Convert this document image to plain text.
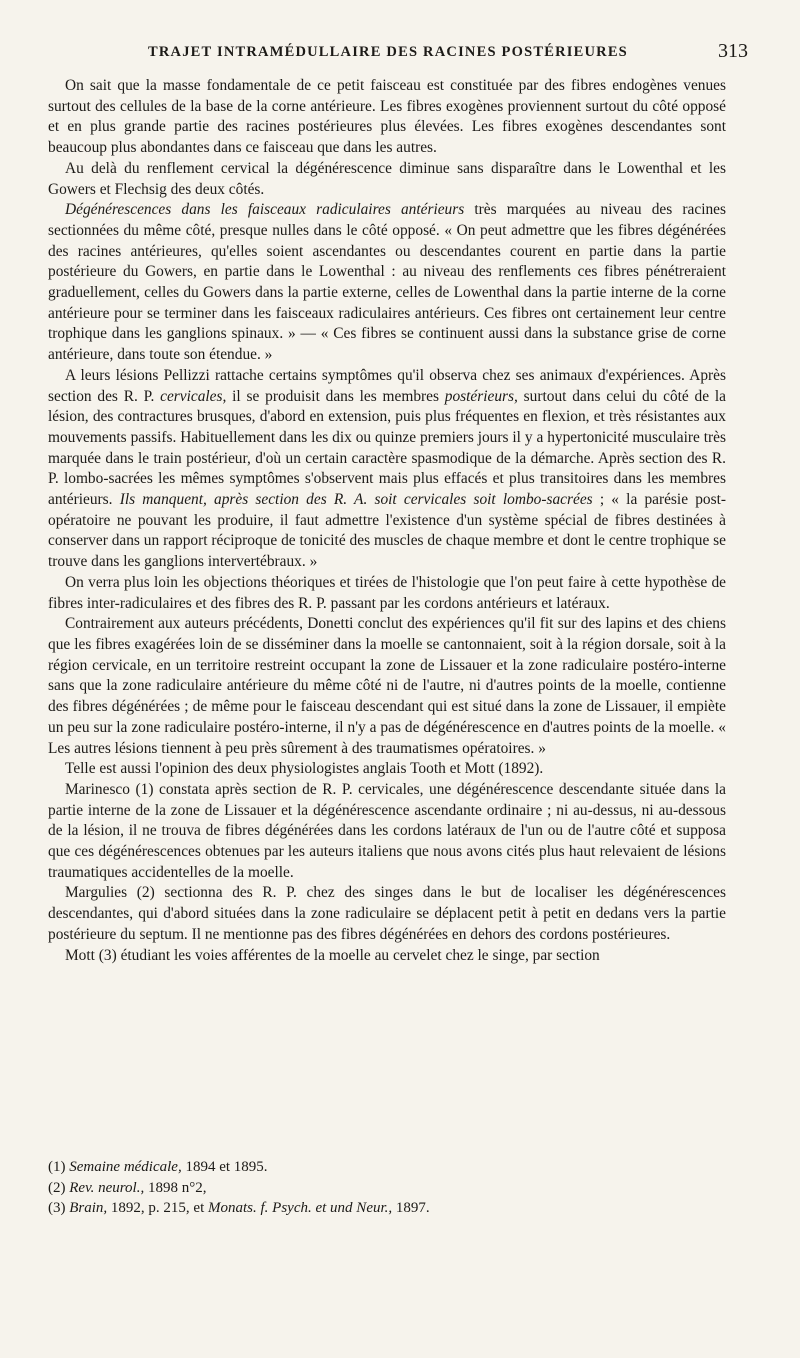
TRAJET INTRAMÉDULLAIRE DES RACINES POSTÉRIEURES	313

On sait que la masse fondamentale de ce petit faisceau est constituée par des fibres endogènes venues surtout des cellules de la base de la corne antérieure. Les fibres exogènes proviennent surtout du côté opposé et en plus grande partie des racines postérieures plus élevées. Les fibres exogènes descendantes sont beaucoup plus abondantes dans ce faisceau que dans les autres.

Au delà du renflement cervical la dégénérescence diminue sans disparaître dans le Lowenthal et les Gowers et Flechsig des deux côtés.

Dégénérescences dans les faisceaux radiculaires antérieurs très marquées au niveau des racines sectionnées du même côté, presque nulles dans le côté opposé. « On peut admettre que les fibres dégénérées des racines antérieures, qu'elles soient ascendantes ou descendantes courent en partie dans la partie postérieure du Gowers, en partie dans le Lowenthal : au niveau des renflements ces fibres pénétreraient graduellement, celles du Gowers dans la partie externe, celles de Lowenthal dans la partie interne de la corne antérieure pour se terminer dans les faisceaux radiculaires antérieurs. Ces fibres ont certainement leur centre trophique dans les ganglions spinaux. » — « Ces fibres se continuent aussi dans la substance grise de corne antérieure, dans toute son étendue. »

A leurs lésions Pellizzi rattache certains symptômes qu'il observa chez ses animaux d'expériences. Après section des R. P. cervicales, il se produisit dans les membres postérieurs, surtout dans celui du côté de la lésion, des contractures brusques, d'abord en extension, puis plus fréquentes en flexion, et très résistantes aux mouvements passifs. Habituellement dans les dix ou quinze premiers jours il y a hypertonicité musculaire très marquée dans le train postérieur, d'où un certain caractère spasmodique de la démarche. Après section des R. P. lombo-sacrées les mêmes symptômes s'observent mais plus effacés et plus transitoires dans les membres antérieurs. Ils manquent, après section des R. A. soit cervicales soit lombo-sacrées ; « la parésie post-opératoire ne pouvant les produire, il faut admettre l'existence d'un système spécial de fibres destinées à conserver dans un rapport réciproque de tonicité des muscles de chaque membre et dont le centre trophique se trouve dans les ganglions intervertébraux. »

On verra plus loin les objections théoriques et tirées de l'histologie que l'on peut faire à cette hypothèse de fibres inter-radiculaires et des fibres des R. P. passant par les cordons antérieurs et latéraux.

Contrairement aux auteurs précédents, Donetti conclut des expériences qu'il fit sur des lapins et des chiens que les fibres exagérées loin de se disséminer dans la moelle se cantonnaient, soit à la région dorsale, soit à la région cervicale, en un territoire restreint occupant la zone de Lissauer et la zone radiculaire postéro-interne sans que la zone radiculaire antérieure du même côté ni de l'autre, ni d'autres points de la moelle, contienne des fibres dégénérées ; de même pour le faisceau descendant qui est situé dans la zone de Lissauer, il empiète un peu sur la zone radiculaire postéro-interne, il n'y a pas de dégénérescence en d'autres points de la moelle. « Les autres lésions tiennent à peu près sûrement à des traumatismes opératoires. »

Telle est aussi l'opinion des deux physiologistes anglais Tooth et Mott (1892).

Marinesco (1) constata après section de R. P. cervicales, une dégénérescence descendante située dans la partie interne de la zone de Lissauer et la dégénérescence ascendante ordinaire ; ni au-dessus, ni au-dessous de la lésion, il ne trouva de fibres dégénérées dans les cordons latéraux de l'un ou de l'autre côté et supposa que ces dégénérescences obtenues par les auteurs italiens que nous avons cités plus haut relevaient de lésions traumatiques accidentelles de la moelle.

Margulies (2) sectionna des R. P. chez des singes dans le but de localiser les dégénérescences descendantes, qui d'abord situées dans la zone radiculaire se déplacent petit à petit en dedans vers la partie postérieure du septum. Il ne mentionne pas des fibres dégénérées en dehors des cordons postérieures.

Mott (3) étudiant les voies afférentes de la moelle au cervelet chez le singe, par section

(1) Semaine médicale, 1894 et 1895.

(2) Rev. neurol., 1898 n°2,

(3) Brain, 1892, p. 215, et Monats. f. Psych. et und Neur., 1897.
